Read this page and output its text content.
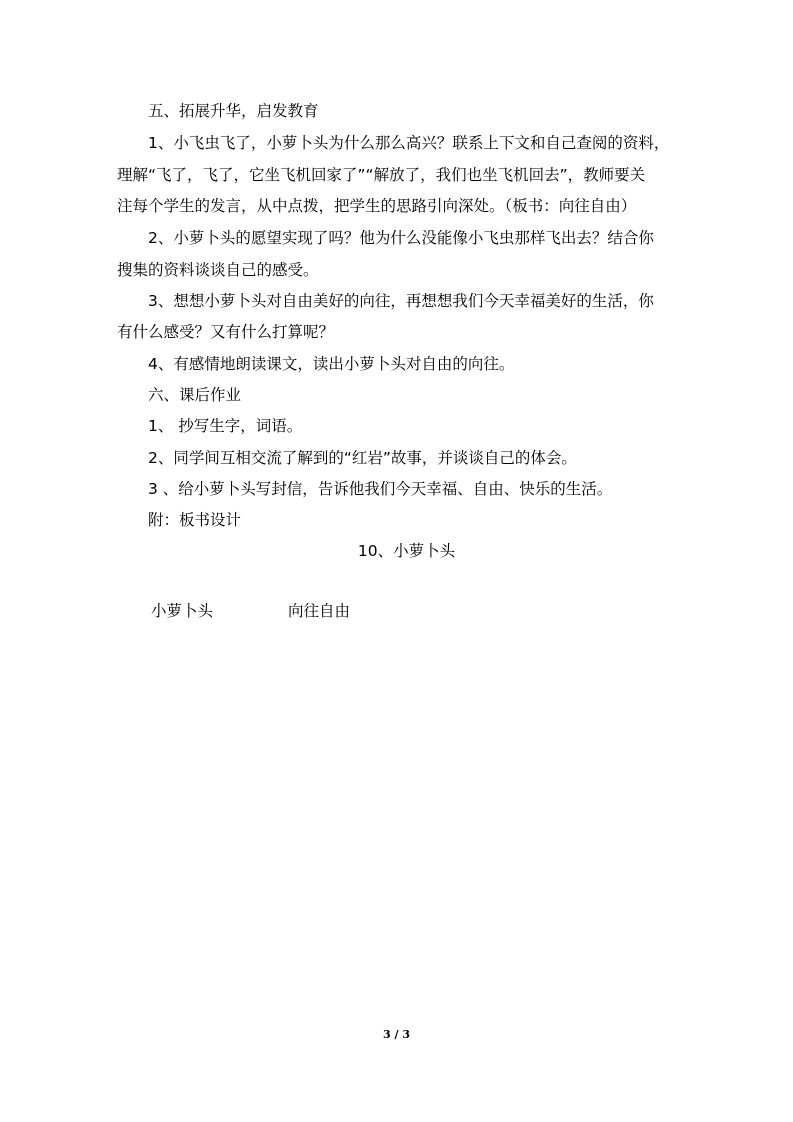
五、拓展升华，启发教育
1、小飞虫飞了，小萝卜头为什么那么高兴？联系上下文和自己查阅的资料，
理解“飞了，飞了，它坐飞机回家了”“解放了，我们也坐飞机回去”，教师要关
注每个学生的发言，从中点拨，把学生的思路引向深处。（板书：向往自由）
2、小萝卜头的愿望实现了吗？他为什么没能像小飞虫那样飞出去？结合你
搜集的资料谈谈自己的感受。
3、想想小萝卜头对自由美好的向往，再想想我们今天幸福美好的生活，你
有什么感受？又有什么打算呢？
4、有感情地朗读课文，读出小萝卜头对自由的向往。
六、课后作业
1、 抄写生字，词语。
2、同学间互相交流了解到的“红岩”故事，并谈谈自己的体会。
3 、给小萝卜头写封信，告诉他我们今天幸福、自由、快乐的生活。
附：板书设计
10、小萝卜头
小萝卜头	向往自由
3 / 3
